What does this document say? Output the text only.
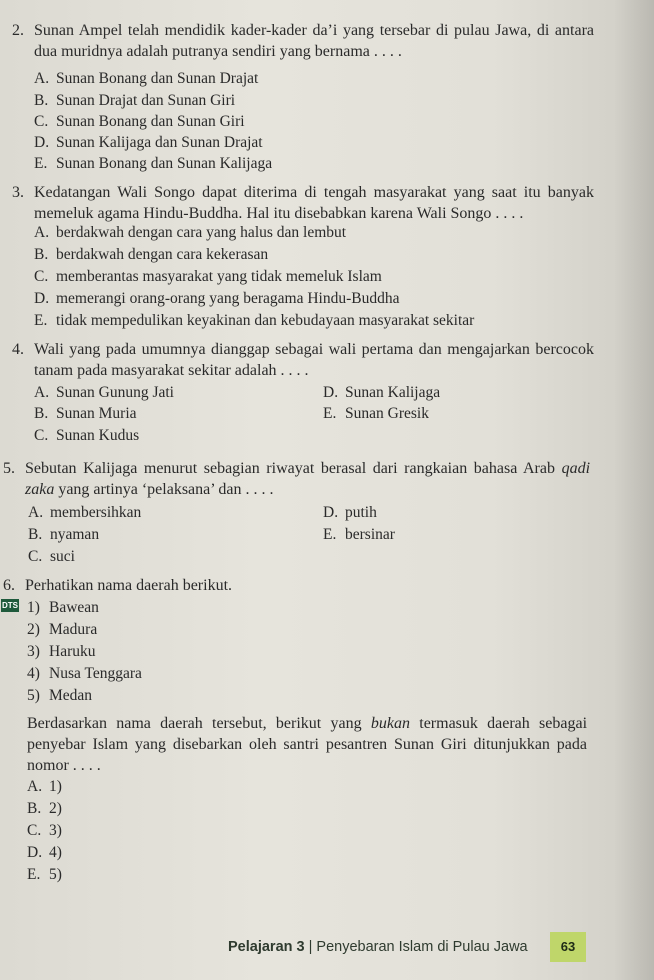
2. Sunan Ampel telah mendidik kader-kader da’i yang tersebar di pulau Jawa, di antara dua muridnya adalah putranya sendiri yang bernama . . . .
A. Sunan Bonang dan Sunan Drajat
B. Sunan Drajat dan Sunan Giri
C. Sunan Bonang dan Sunan Giri
D. Sunan Kalijaga dan Sunan Drajat
E. Sunan Bonang dan Sunan Kalijaga
3. Kedatangan Wali Songo dapat diterima di tengah masyarakat yang saat itu banyak memeluk agama Hindu-Buddha. Hal itu disebabkan karena Wali Songo . . . .
A. berdakwah dengan cara yang halus dan lembut
B. berdakwah dengan cara kekerasan
C. memberantas masyarakat yang tidak memeluk Islam
D. memerangi orang-orang yang beragama Hindu-Buddha
E. tidak mempedulikan keyakinan dan kebudayaan masyarakat sekitar
4. Wali yang pada umumnya dianggap sebagai wali pertama dan mengajarkan bercocok tanam pada masyarakat sekitar adalah . . . .
A. Sunan Gunung Jati
B. Sunan Muria
C. Sunan Kudus
D. Sunan Kalijaga
E. Sunan Gresik
5. Sebutan Kalijaga menurut sebagian riwayat berasal dari rangkaian bahasa Arab qadi zaka yang artinya ‘pelaksana’ dan . . . .
A. membersihkan
B. nyaman
C. suci
D. putih
E. bersinar
6. Perhatikan nama daerah berikut.
DTS 1) Bawean
2) Madura
3) Haruku
4) Nusa Tenggara
5) Medan
Berdasarkan nama daerah tersebut, berikut yang bukan termasuk daerah sebagai penyebar Islam yang disebarkan oleh santri pesantren Sunan Giri ditunjukkan pada nomor . . . .
A. 1)
B. 2)
C. 3)
D. 4)
E. 5)
Pelajaran 3 | Penyebaran Islam di Pulau Jawa	63
